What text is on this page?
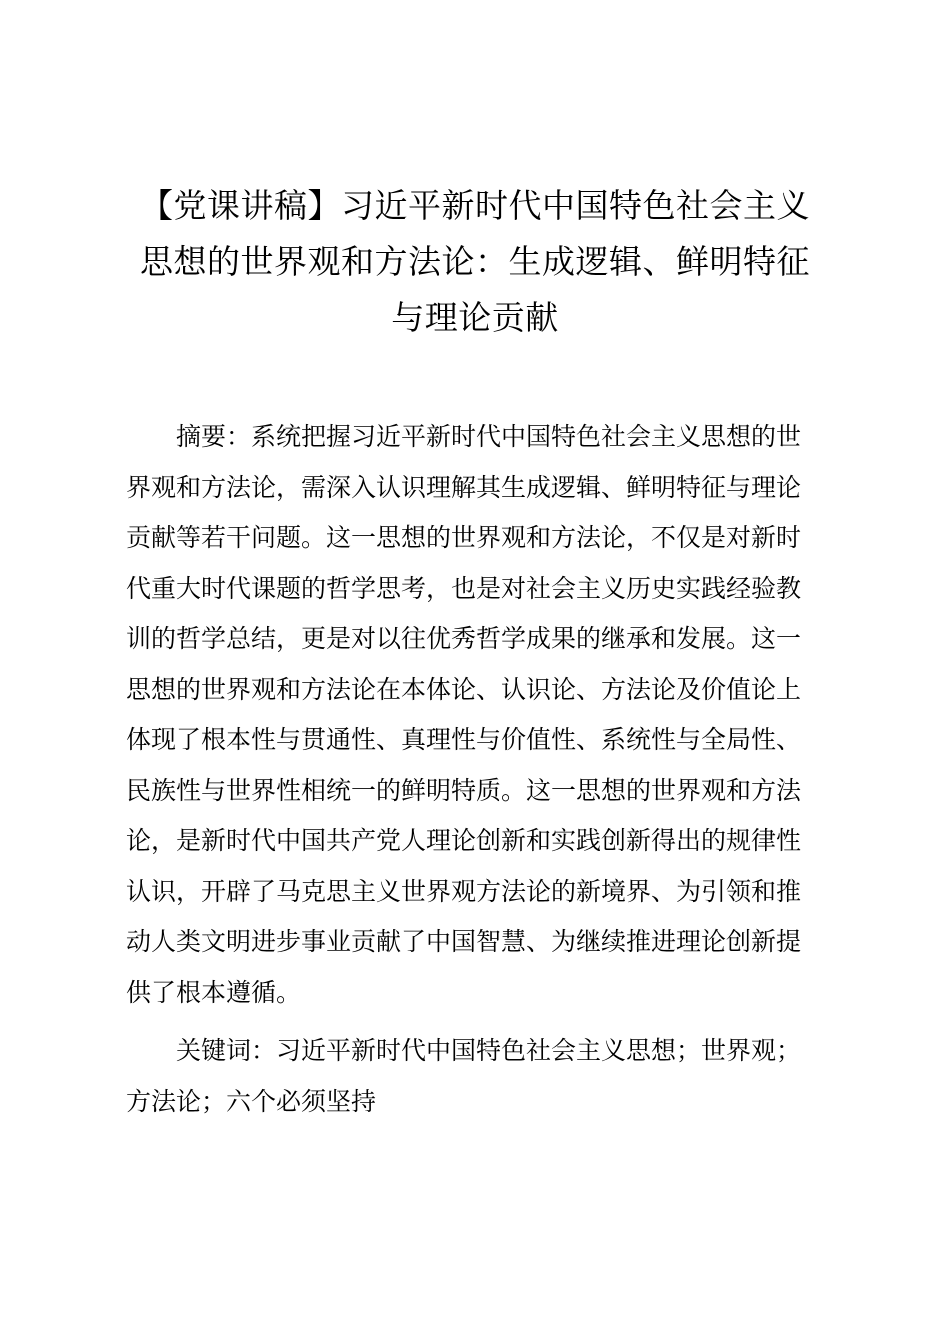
【党课讲稿】习近平新时代中国特色社会主义
思想的世界观和方法论：生成逻辑、鲜明特征
与理论贡献

摘要：系统把握习近平新时代中国特色社会主义思想的世
界观和方法论，需深入认识理解其生成逻辑、鲜明特征与理论
贡献等若干问题。这一思想的世界观和方法论，不仅是对新时
代重大时代课题的哲学思考，也是对社会主义历史实践经验教
训的哲学总结，更是对以往优秀哲学成果的继承和发展。这一
思想的世界观和方法论在本体论、认识论、方法论及价值论上
体现了根本性与贯通性、真理性与价值性、系统性与全局性、
民族性与世界性相统一的鲜明特质。这一思想的世界观和方法
论，是新时代中国共产党人理论创新和实践创新得出的规律性
认识，开辟了马克思主义世界观方法论的新境界、为引领和推
动人类文明进步事业贡献了中国智慧、为继续推进理论创新提
供了根本遵循。

关键词：习近平新时代中国特色社会主义思想；世界观；
方法论；六个必须坚持
